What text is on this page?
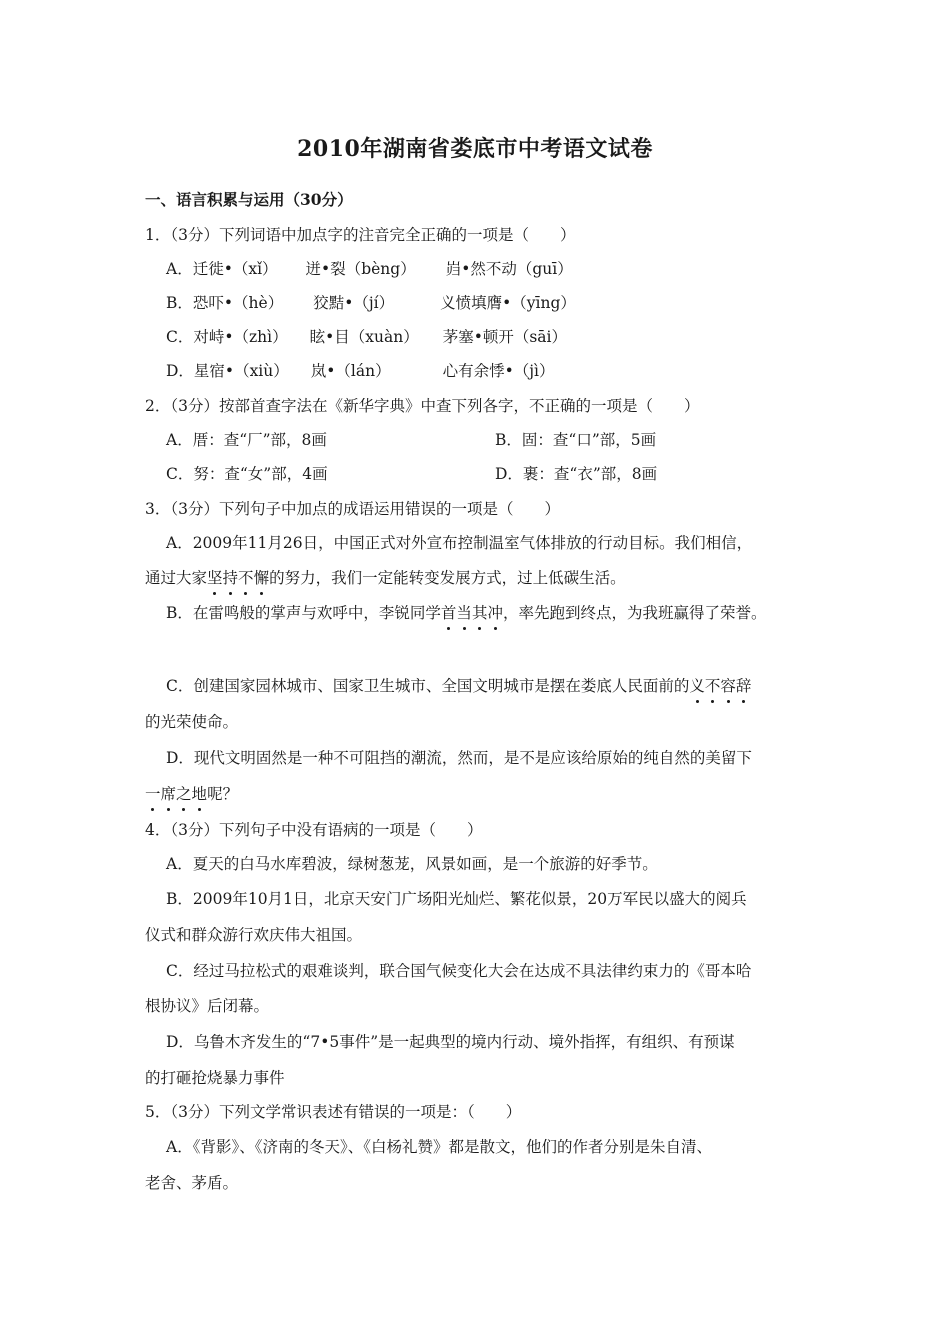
2010年湖南省娄底市中考语文试卷
一、语言积累与运用（30分）
1．（3分）下列词语中加点字的注音完全正确的一项是（　　）
A．迁徙•（xǐ） 迸•裂（bèng） 岿•然不动（guī）
B．恐吓•（hè） 狡黠•（jí）	义愤填膺•（yīng）
C．对峙•（zhì） 眩•目（xuàn） 茅塞•顿开（sāi）
D．星宿•（xiù） 岚•（lán）	心有余悸•（jì）
2．（3分）按部首查字法在《新华字典》中查下列各字，不正确的一项是（　　）
A．厝：查“厂”部，8画	B．固：查“口”部，5画
C．努：查“女”部，4画	D．裹：查“衣”部，8画
3．（3分）下列句子中加点的成语运用错误的一项是（　　）
A．2009年11月26日，中国正式对外宣布控制温室气体排放的行动目标。我们相信，
通过大家坚持不懈的努力，我们一定能转变发展方式，过上低碳生活。
B．在雷鸣般的掌声与欢呼中，李锐同学首当其冲，率先跑到终点，为我班赢得了荣誉。
C．创建国家园林城市、国家卫生城市、全国文明城市是摆在娄底人民面前的义不容辞
的光荣使命。
D．现代文明固然是一种不可阻挡的潮流，然而，是不是应该给原始的纯自然的美留下
一席之地呢？
4．（3分）下列句子中没有语病的一项是（　　）
A．夏天的白马水库碧波，绿树葱茏，风景如画，是一个旅游的好季节。
B．2009年10月1日，北京天安门广场阳光灿烂、繁花似景，20万军民以盛大的阅兵
仪式和群众游行欢庆伟大祖国。
C．经过马拉松式的艰难谈判，联合国气候变化大会在达成不具法律约束力的《哥本哈
根协议》后闭幕。
D．乌鲁木齐发生的“7•5事件”是一起典型的境内行动、境外指挥，有组织、有预谋
的打砸抢烧暴力事件
5．（3分）下列文学常识表述有错误的一项是：（　　）
A．《背影》、《济南的冬天》、《白杨礼赞》都是散文，他们的作者分别是朱自清、
老舍、茅盾。
